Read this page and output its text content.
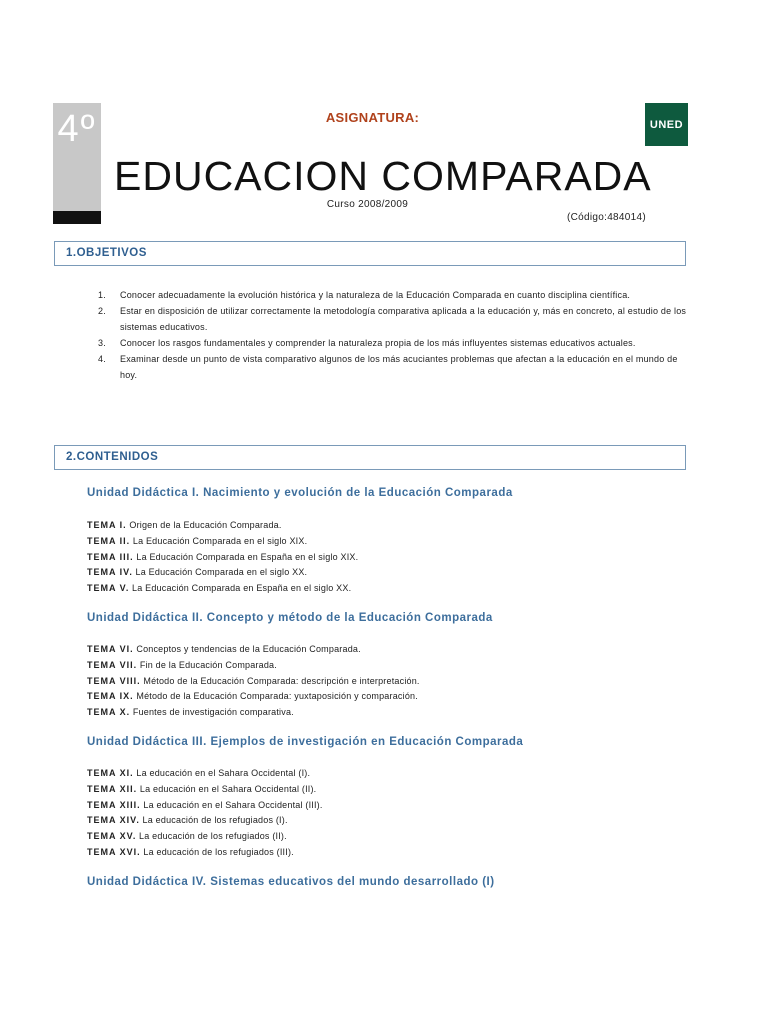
4º	ASIGNATURA:	UNED
EDUCACION COMPARADA
Curso 2008/2009
(Código:484014)
1.OBJETIVOS
1. Conocer adecuadamente la evolución histórica y la naturaleza de la Educación Comparada en cuanto disciplina científica.
2. Estar en disposición de utilizar correctamente la metodología comparativa aplicada a la educación y, más en concreto, al estudio de los sistemas educativos.
3. Conocer los rasgos fundamentales y comprender la naturaleza propia de los más influyentes sistemas educativos actuales.
4. Examinar desde un punto de vista comparativo algunos de los más acuciantes problemas que afectan a la educación en el mundo de hoy.
2.CONTENIDOS
Unidad Didáctica I. Nacimiento y evolución de la Educación Comparada
TEMA I. Origen de la Educación Comparada.
TEMA II. La Educación Comparada en el siglo XIX.
TEMA III. La Educación Comparada en España en el siglo XIX.
TEMA IV. La Educación Comparada en el siglo XX.
TEMA V. La Educación Comparada en España en el siglo XX.
Unidad Didáctica II. Concepto y método de la Educación Comparada
TEMA VI. Conceptos y tendencias de la Educación Comparada.
TEMA VII. Fin de la Educación Comparada.
TEMA VIII. Método de la Educación Comparada: descripción e interpretación.
TEMA IX. Método de la Educación Comparada: yuxtaposición y comparación.
TEMA X. Fuentes de investigación comparativa.
Unidad Didáctica III. Ejemplos de investigación en Educación Comparada
TEMA XI. La educación en el Sahara Occidental (I).
TEMA XII. La educación en el Sahara Occidental (II).
TEMA XIII. La educación en el Sahara Occidental (III).
TEMA XIV. La educación de los refugiados (I).
TEMA XV. La educación de los refugiados (II).
TEMA XVI. La educación de los refugiados (III).
Unidad Didáctica IV. Sistemas educativos del mundo desarrollado (I)
